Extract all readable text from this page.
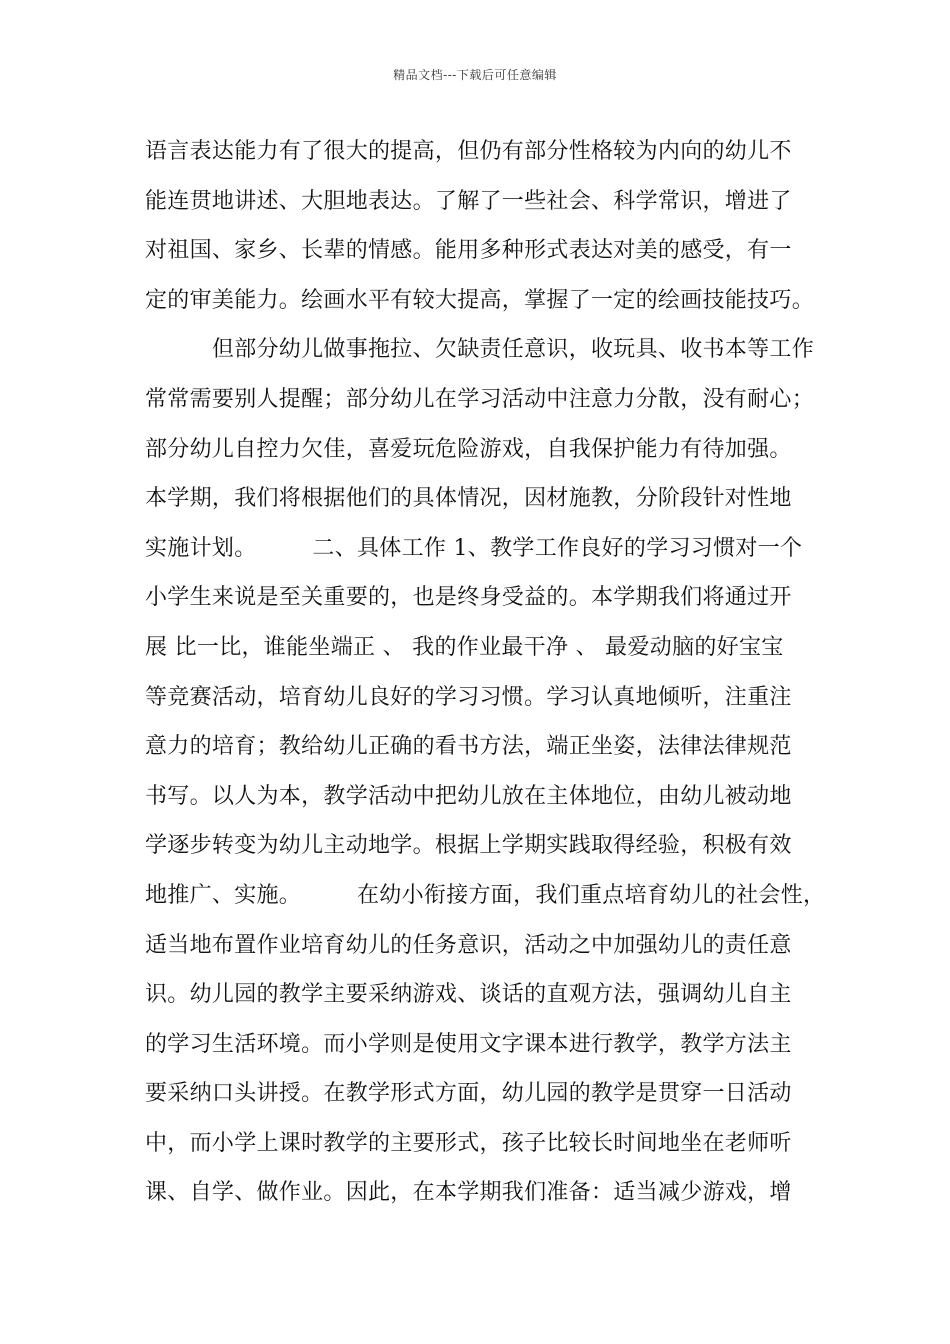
精品文档---下载后可任意编辑
语言表达能力有了很大的提高，但仍有部分性格较为内向的幼儿不
能连贯地讲述、大胆地表达。了解了一些社会、科学常识，增进了
对祖国、家乡、长辈的情感。能用多种形式表达对美的感受，有一
定的审美能力。绘画水平有较大提高，掌握了一定的绘画技能技巧。
　　　但部分幼儿做事拖拉、欠缺责任意识，收玩具、收书本等工作
常常需要别人提醒；部分幼儿在学习活动中注意力分散，没有耐心；
部分幼儿自控力欠佳，喜爱玩危险游戏，自我保护能力有待加强。
本学期，我们将根据他们的具体情况，因材施教，分阶段针对性地
实施计划。　　　二、具体工作 1、教学工作良好的学习习惯对一个
小学生来说是至关重要的，也是终身受益的。本学期我们将通过开
展 比一比，谁能坐端正 、 我的作业最干净 、 最爱动脑的好宝宝
等竞赛活动，培育幼儿良好的学习习惯。学习认真地倾听，注重注
意力的培育；教给幼儿正确的看书方法，端正坐姿，法律法律规范
书写。以人为本，教学活动中把幼儿放在主体地位，由幼儿被动地
学逐步转变为幼儿主动地学。根据上学期实践取得经验，积极有效
地推广、实施。　　　在幼小衔接方面，我们重点培育幼儿的社会性，
适当地布置作业培育幼儿的任务意识，活动之中加强幼儿的责任意
识。幼儿园的教学主要采纳游戏、谈话的直观方法，强调幼儿自主
的学习生活环境。而小学则是使用文字课本进行教学，教学方法主
要采纳口头讲授。在教学形式方面，幼儿园的教学是贯穿一日活动
中，而小学上课时教学的主要形式，孩子比较长时间地坐在老师听
课、自学、做作业。因此，在本学期我们准备：适当减少游戏，增
